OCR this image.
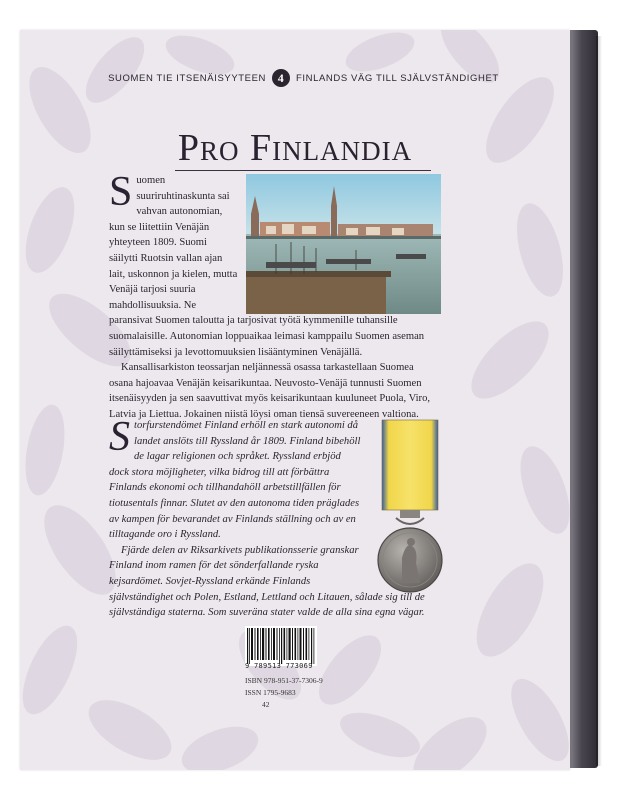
SUOMEN TIE ITSENÄISYYTEEN 4	FINLANDS VÄG TILL SJÄLVSTÄNDIGHET
Pro Finlandia

Suomen suuriruhtinaskunta sai vahvan autonomian, kun se liitettiin Venäjän yhteyteen 1809. Suomi säilytti Ruotsin vallan ajan lait, uskonnon ja kielen, mutta Venäjä tarjosi suuria mahdollisuuksia. Ne paransivat Suomen taloutta ja tarjosivat työtä kymmenille tuhansille suomalaisille. Autonomian loppuaikaa leimasi kamppailu Suomen aseman säilyttämiseksi ja levottomuuksien lisääntyminen Venäjällä.

Kansallisarkiston teossarjan neljännessä osassa tarkastellaan Suomea osana hajoavaa Venäjän keisarikuntaa. Neuvosto-Venäjä tunnusti Suomen itsenäisyyden ja sen saavuttivat myös keisarikuntaan kuuluneet Puola, Viro, Latvia ja Liettua. Jokainen niistä löysi oman tiensä suvereeneen valtiona.

Storfurstendömet Finland erhöll en stark autonomi då landet anslöts till Ryssland år 1809. Finland bibehöll de lagar religionen och språket. Ryssland erbjöd dock stora möjligheter, vilka bidrog till att förbättra Finlands ekonomi och tillhandahöll arbetstillfällen för tiotusentals finnar. Slutet av den autonoma tiden präglades av kampen för bevarandet av Finlands ställning och av en tilltagande oro i Ryssland.

Fjärde delen av Riksarkivets publikationsserie granskar Finland inom ramen för det sönderfallande ryska kejsardömet. Sovjet-Ryssland erkände Finlands självständighet och Polen, Estland, Lettland och Litauen, sålade sig till de självständiga staterna. Som suveräna stater valde de alla sina egna vägar.

9 789513 773069
ISBN 978-951-37-7306-9
ISSN 1795-9683
42
